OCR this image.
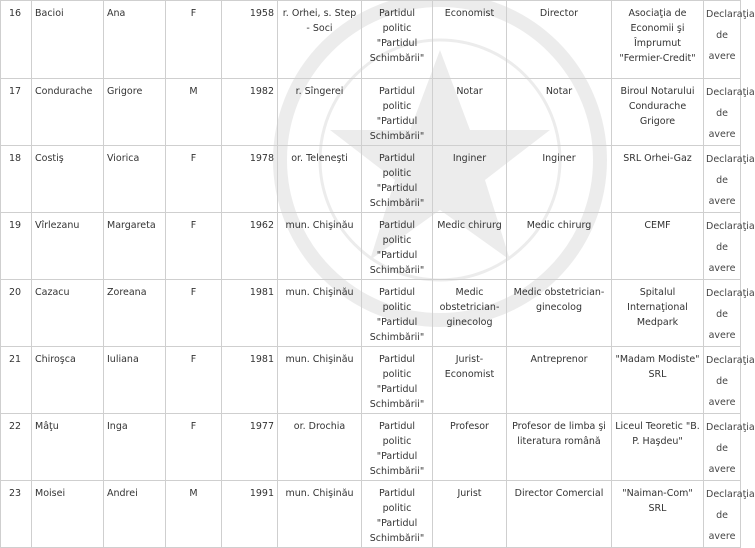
16	Bacioi	Ana	F	1958	r. Orhei, s. Step - Soci	Partidul politic "Partidul Schimbării"	Economist	Director	Asociaţia de Economii şi Împrumut "Fermier-Credit"	Declaraţia de avere
17	Condurache	Grigore	M	1982	r. Sîngerei	Partidul politic "Partidul Schimbării"	Notar	Notar	Biroul Notarului Condurache Grigore	Declaraţia de avere
18	Costiş	Viorica	F	1978	or. Teleneşti	Partidul politic "Partidul Schimbării"	Inginer	Inginer	SRL Orhei-Gaz	Declaraţia de avere
19	Vîrlezanu	Margareta	F	1962	mun. Chişinău	Partidul politic "Partidul Schimbării"	Medic chirurg	Medic chirurg	CEMF	Declaraţia de avere
20	Cazacu	Zoreana	F	1981	mun. Chişinău	Partidul politic "Partidul Schimbării"	Medic obstetrician-ginecolog	Medic obstetrician-ginecolog	Spitalul Internaţional Medpark	Declaraţia de avere
21	Chiroşca	Iuliana	F	1981	mun. Chişinău	Partidul politic "Partidul Schimbării"	Jurist-Economist	Antreprenor	"Madam Modiste" SRL	Declaraţia de avere
22	Mâţu	Inga	F	1977	or. Drochia	Partidul politic "Partidul Schimbării"	Profesor	Profesor de limba şi literatura română	Liceul Teoretic "B. P. Haşdeu"	Declaraţia de avere
23	Moisei	Andrei	M	1991	mun. Chişinău	Partidul politic "Partidul Schimbării"	Jurist	Director Comercial	"Naiman-Com" SRL	Declaraţia de avere
